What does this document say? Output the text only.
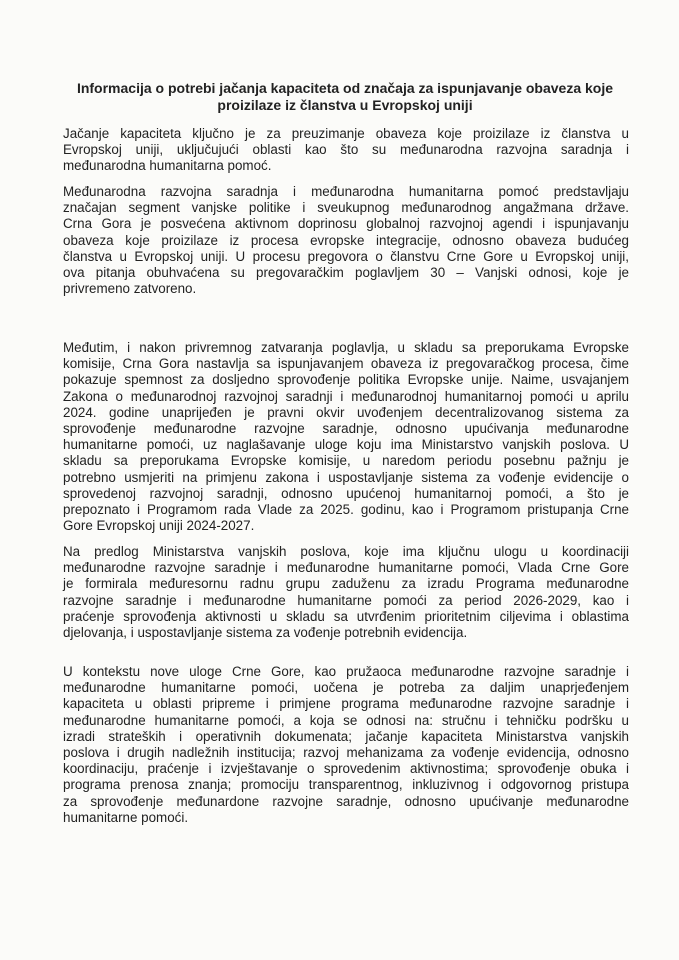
Informacija o potrebi jačanja kapaciteta od značaja za ispunjavanje obaveza koje
proizilaze iz članstva u Evropskoj uniji
Jačanje kapaciteta ključno je za preuzimanje obaveza koje proizilaze iz članstva u
Evropskoj uniji, uključujući oblasti kao što su međunarodna razvojna saradnja i
međunarodna humanitarna pomoć.
Međunarodna razvojna saradnja i međunarodna humanitarna pomoć predstavljaju
značajan segment vanjske politike i sveukupnog međunarodnog angažmana države.
Crna Gora je posvećena aktivnom doprinosu globalnoj razvojnoj agendi i ispunjavanju
obaveza koje proizilaze iz procesa evropske integracije, odnosno obaveza budućeg
članstva u Evropskoj uniji. U procesu pregovora o članstvu Crne Gore u Evropskoj uniji,
ova pitanja obuhvaćena su pregovaračkim poglavljem 30 – Vanjski odnosi, koje je
privremeno zatvoreno.
Međutim, i nakon privremnog zatvaranja poglavlja, u skladu sa preporukama Evropske
komisije, Crna Gora nastavlja sa ispunjavanjem obaveza iz pregovaračkog procesa, čime
pokazuje spemnost za dosljedno sprovođenje politika Evropske unije. Naime, usvajanjem
Zakona o međunarodnoj razvojnoj saradnji i međunarodnoj humanitarnoj pomoći u aprilu
2024. godine unaprijeđen je pravni okvir uvođenjem decentralizovanog sistema za
sprovođenje međunarodne razvojne saradnje, odnosno upućivanja međunarodne
humanitarne pomoći, uz naglašavanje uloge koju ima Ministarstvo vanjskih poslova. U
skladu sa preporukama Evropske komisije, u naredom periodu posebnu pažnju je
potrebno usmjeriti na primjenu zakona i uspostavljanje sistema za vođenje evidencije o
sprovedenoj razvojnoj saradnji, odnosno upućenoj humanitarnoj pomoći, a što je
prepoznato i Programom rada Vlade za 2025. godinu, kao i Programom pristupanja Crne
Gore Evropskoj uniji 2024-2027.
Na predlog Ministarstva vanjskih poslova, koje ima ključnu ulogu u koordinaciji
međunarodne razvojne saradnje i međunarodne humanitarne pomoći, Vlada Crne Gore
je formirala međuresornu radnu grupu zaduženu za izradu Programa međunarodne
razvojne saradnje i međunarodne humanitarne pomoći za period 2026-2029, kao i
praćenje sprovođenja aktivnosti u skladu sa utvrđenim prioritetnim ciljevima i oblastima
djelovanja, i uspostavljanje sistema za vođenje potrebnih evidencija.
U kontekstu nove uloge Crne Gore, kao pružaoca međunarodne razvojne saradnje i
međunarodne humanitarne pomoći, uočena je potreba za daljim unaprjeđenjem
kapaciteta u oblasti pripreme i primjene programa međunarodne razvojne saradnje i
međunarodne humanitarne pomoći, a koja se odnosi na: stručnu i tehničku podršku u
izradi strateških i operativnih dokumenata; jačanje kapaciteta Ministarstva vanjskih
poslova i drugih nadležnih institucija; razvoj mehanizama za vođenje evidencija, odnosno
koordinaciju, praćenje i izvještavanje o sprovedenim aktivnostima; sprovođenje obuka i
programa prenosa znanja; promociju transparentnog, inkluzivnog i odgovornog pristupa
za sprovođenje međunardone razvojne saradnje, odnosno upućivanje međunarodne
humanitarne pomoći.
